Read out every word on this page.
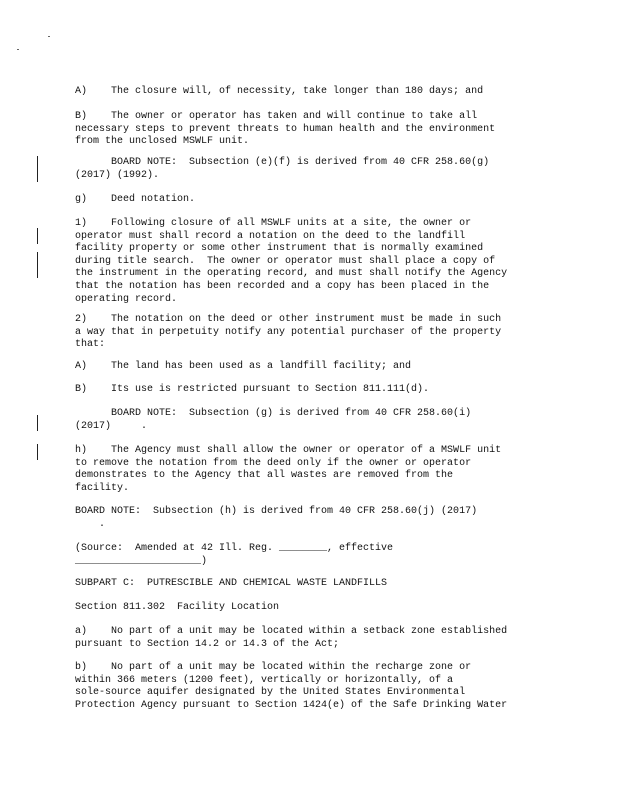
A)    The closure will, of necessity, take longer than 180 days; and

B)    The owner or operator has taken and will continue to take all
necessary steps to prevent threats to human health and the environment
from the unclosed MSWLF unit.

BOARD NOTE:  Subsection (e)(f) is derived from 40 CFR 258.60(g)
(2017) (1992).

g)    Deed notation.

1)    Following closure of all MSWLF units at a site, the owner or
operator must shall record a notation on the deed to the landfill
facility property or some other instrument that is normally examined
during title search.  The owner or operator must shall place a copy of
the instrument in the operating record, and must shall notify the Agency
that the notation has been recorded and a copy has been placed in the
operating record.

2)    The notation on the deed or other instrument must be made in such
a way that in perpetuity notify any potential purchaser of the property
that:

A)    The land has been used as a landfill facility; and

B)    Its use is restricted pursuant to Section 811.111(d).

BOARD NOTE:  Subsection (g) is derived from 40 CFR 258.60(i)
(2017)     .

h)    The Agency must shall allow the owner or operator of a MSWLF unit
to remove the notation from the deed only if the owner or operator
demonstrates to the Agency that all wastes are removed from the
facility.

BOARD NOTE:  Subsection (h) is derived from 40 CFR 258.60(j) (2017)
.

(Source:  Amended at 42 Ill. Reg. ________, effective
_____________________)

SUBPART C:  PUTRESCIBLE AND CHEMICAL WASTE LANDFILLS

Section 811.302  Facility Location

a)    No part of a unit may be located within a setback zone established
pursuant to Section 14.2 or 14.3 of the Act;

b)    No part of a unit may be located within the recharge zone or
within 366 meters (1200 feet), vertically or horizontally, of a
sole-source aquifer designated by the United States Environmental
Protection Agency pursuant to Section 1424(e) of the Safe Drinking Water
